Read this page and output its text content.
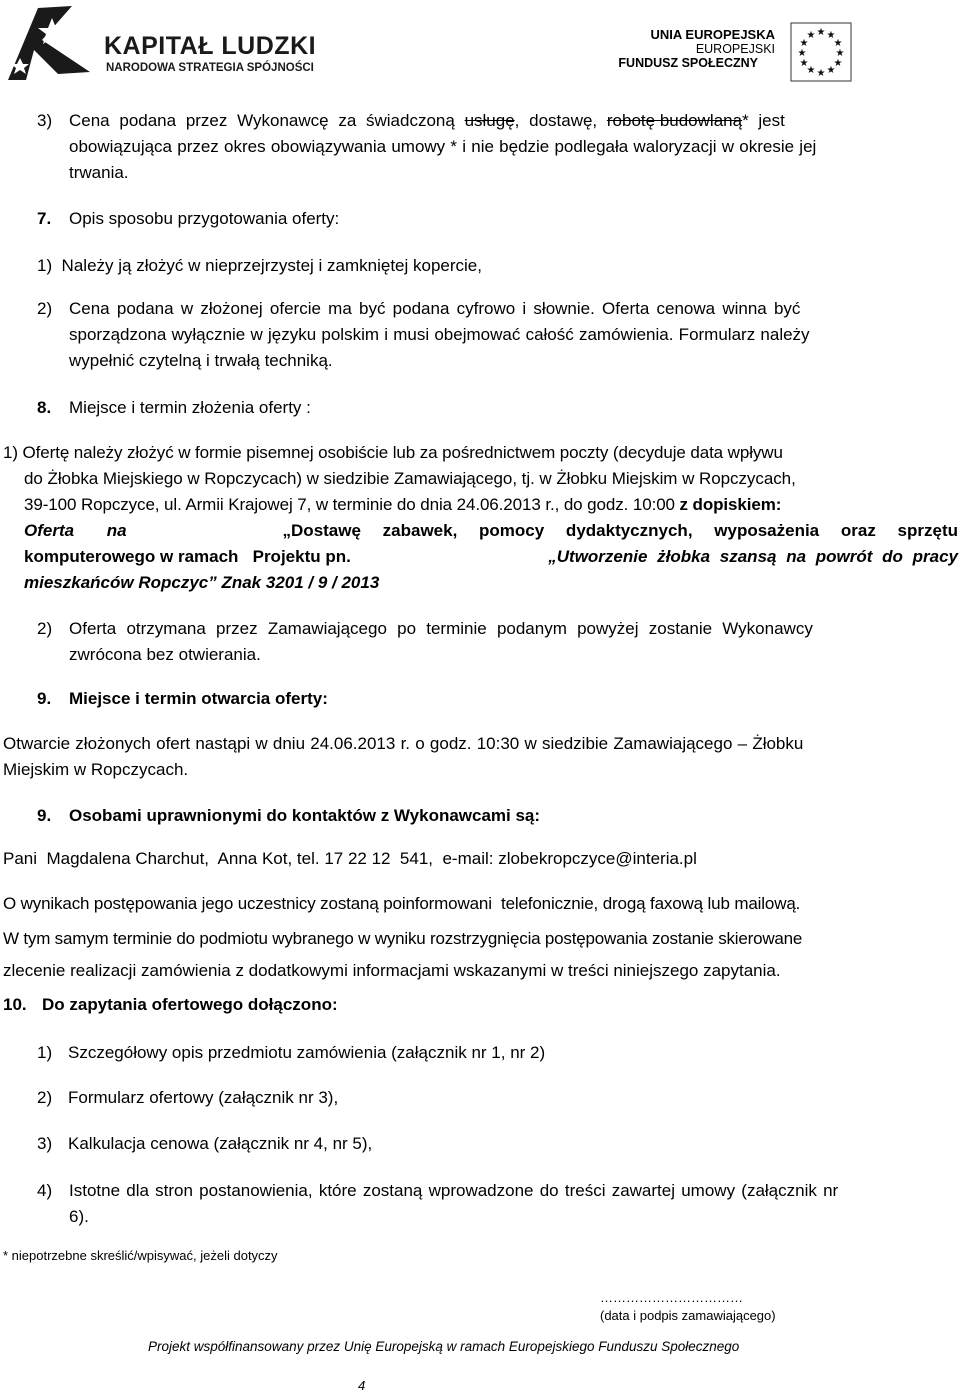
KAPITAŁ LUDZKI
NARODOWA STRATEGIA SPÓJNOŚCI
UNIA EUROPEJSKA
EUROPEJSKI
FUNDUSZ SPOŁECZNY
★ ★
★
★
★
★
★
★
★
★
★
★
3) Cena podana przez Wykonawcę za świadczoną usługę, dostawę, robotę budowlaną* jest
obowiązująca przez okres obowiązywania umowy * i nie będzie podlegała waloryzacji w okresie jej
trwania.
7. Opis sposobu przygotowania oferty:
1)  Należy ją złożyć w nieprzejrzystej i zamkniętej kopercie,
2) Cena podana w złożonej ofercie ma być podana cyfrowo i słownie. Oferta cenowa winna być
sporządzona wyłącznie w języku polskim i musi obejmować całość zamówienia. Formularz należy
wypełnić czytelną i trwałą techniką.
8. Miejsce i termin złożenia oferty :
1) Ofertę należy złożyć w formie pisemnej osobiście lub za pośrednictwem poczty (decyduje data wpływu
do Żłobka Miejskiego w Ropczycach) w siedzibie Zamawiającego, tj. w Żłobku Miejskim w Ropczycach,
39-100 Ropczyce, ul. Armii Krajowej 7, w terminie do dnia 24.06.2013 r., do godz. 10:00 z dopiskiem:
Oferta na	„Dostawę zabawek, pomocy dydaktycznych, wyposażenia oraz sprzętu
komputerowego w ramach   Projektu pn.	„Utworzenie żłobka szansą na powrót do pracy
mieszkańców Ropczyc” Znak 3201 / 9 / 2013
2) Oferta otrzymana przez Zamawiającego po terminie podanym powyżej zostanie Wykonawcy
zwrócona bez otwierania.
9. Miejsce i termin otwarcia oferty:
Otwarcie złożonych ofert nastąpi w dniu 24.06.2013 r. o godz. 10:30 w siedzibie Zamawiającego – Żłobku
Miejskim w Ropczycach.
9. Osobami uprawnionymi do kontaktów z Wykonawcami są:
Pani  Magdalena Charchut,  Anna Kot, tel. 17 22 12  541,  e-mail: zlobekropczyce@interia.pl
O wynikach postępowania jego uczestnicy zostaną poinformowani  telefonicznie, drogą faxową lub mailową.
W tym samym terminie do podmiotu wybranego w wyniku rozstrzygnięcia postępowania zostanie skierowane
zlecenie realizacji zamówienia z dodatkowymi informacjami wskazanymi w treści niniejszego zapytania.
10. Do zapytania ofertowego dołączono:
1) Szczegółowy opis przedmiotu zamówienia (załącznik nr 1, nr 2)
2) Formularz ofertowy (załącznik nr 3),
3) Kalkulacja cenowa (załącznik nr 4, nr 5),
4) Istotne dla stron postanowienia, które zostaną wprowadzone do treści zawartej umowy (załącznik nr
6).
* niepotrzebne skreślić/wpisywać, jeżeli dotyczy
……………………………
(data i podpis zamawiającego)
Projekt współfinansowany przez Unię Europejską w ramach Europejskiego Funduszu Społecznego
4
